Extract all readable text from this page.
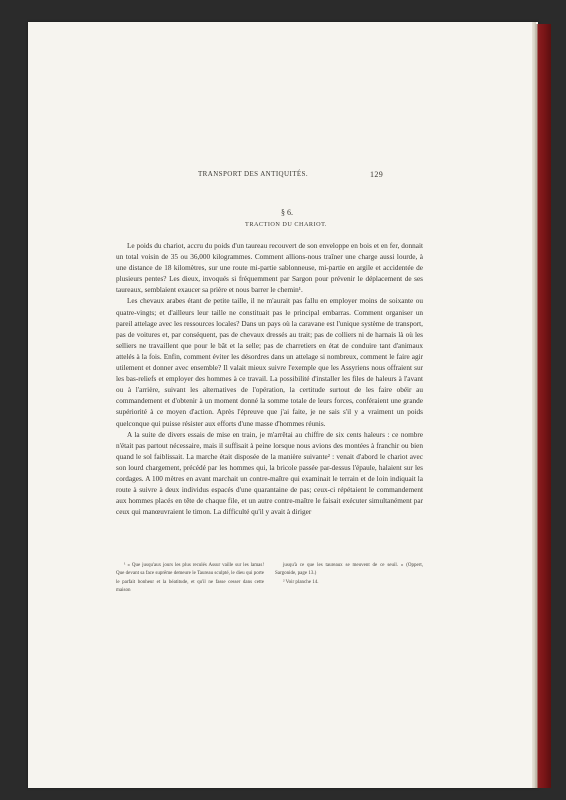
TRANSPORT DES ANTIQUITÉS.	129
§ 6.
TRACTION DU CHARIOT.

Le poids du chariot, accru du poids d'un taureau recouvert de son enveloppe en bois et en fer, donnait un total voisin de 35 ou 36,000 kilogrammes. Comment allions-nous traîner une charge aussi lourde, à une distance de 18 kilomètres, sur une route mi-partie sablonneuse, mi-partie en argile et accidentée de plusieurs pentes? Les dieux, invoqués si fréquemment par Sargon pour prévenir le déplacement de ses taureaux, semblaient exaucer sa prière et nous barrer le chemin¹.

Les chevaux arabes étant de petite taille, il ne m'aurait pas fallu en employer moins de soixante ou quatre-vingts; et d'ailleurs leur taille ne constituait pas le principal embarras. Comment organiser un pareil attelage avec les ressources locales? Dans un pays où la caravane est l'unique système de transport, pas de voitures et, par conséquent, pas de chevaux dressés au trait; pas de colliers ni de harnais là où les selliers ne travaillent que pour le bât et la selle; pas de charretiers en état de conduire tant d'animaux attelés à la fois. Enfin, comment éviter les désordres dans un attelage si nombreux, comment le faire agir utilement et donner avec ensemble? Il valait mieux suivre l'exemple que les Assyriens nous offraient sur les bas-reliefs et employer des hommes à ce travail. La possibilité d'installer les files de haleurs à l'avant ou à l'arrière, suivant les alternatives de l'opération, la certitude surtout de les faire obéir au commandement et d'obtenir à un moment donné la somme totale de leurs forces, conféraient une grande supériorité à ce moyen d'action. Après l'épreuve que j'ai faite, je ne sais s'il y a vraiment un poids quelconque qui puisse résister aux efforts d'une masse d'hommes réunis.

A la suite de divers essais de mise en train, je m'arrêtai au chiffre de six cents haleurs : ce nombre n'était pas partout nécessaire, mais il suffisait à peine lorsque nous avions des montées à franchir ou bien quand le sol faiblissait. La marche était disposée de la manière suivante² : venait d'abord le chariot avec son lourd chargement, précédé par les hommes qui, la bricole passée par-dessus l'épaule, halaient sur les cordages. A 100 mètres en avant marchait un contre-maître qui examinait le terrain et de loin indiquait la route à suivre à deux individus espacés d'une quarantaine de pas; ceux-ci répétaient le commandement aux hommes placés en tête de chaque file, et un autre contre-maître le faisait exécuter simultanément par ceux qui manœuvraient le timon. La difficulté qu'il y avait à diriger

¹ « Que jusqu'aux jours les plus reculés Assur vaille sur les lamas! Que devant sa face suprême demeure le Taureau sculpté, le dieu qui porte le parfait bonheur et la béatitude, et qu'il ne fasse cesser dans cette maison

jusqu'à ce que les taureaux se meuvent de ce seuil. » (Oppert, Sargonide, page 13.)

² Voir planche 14.
